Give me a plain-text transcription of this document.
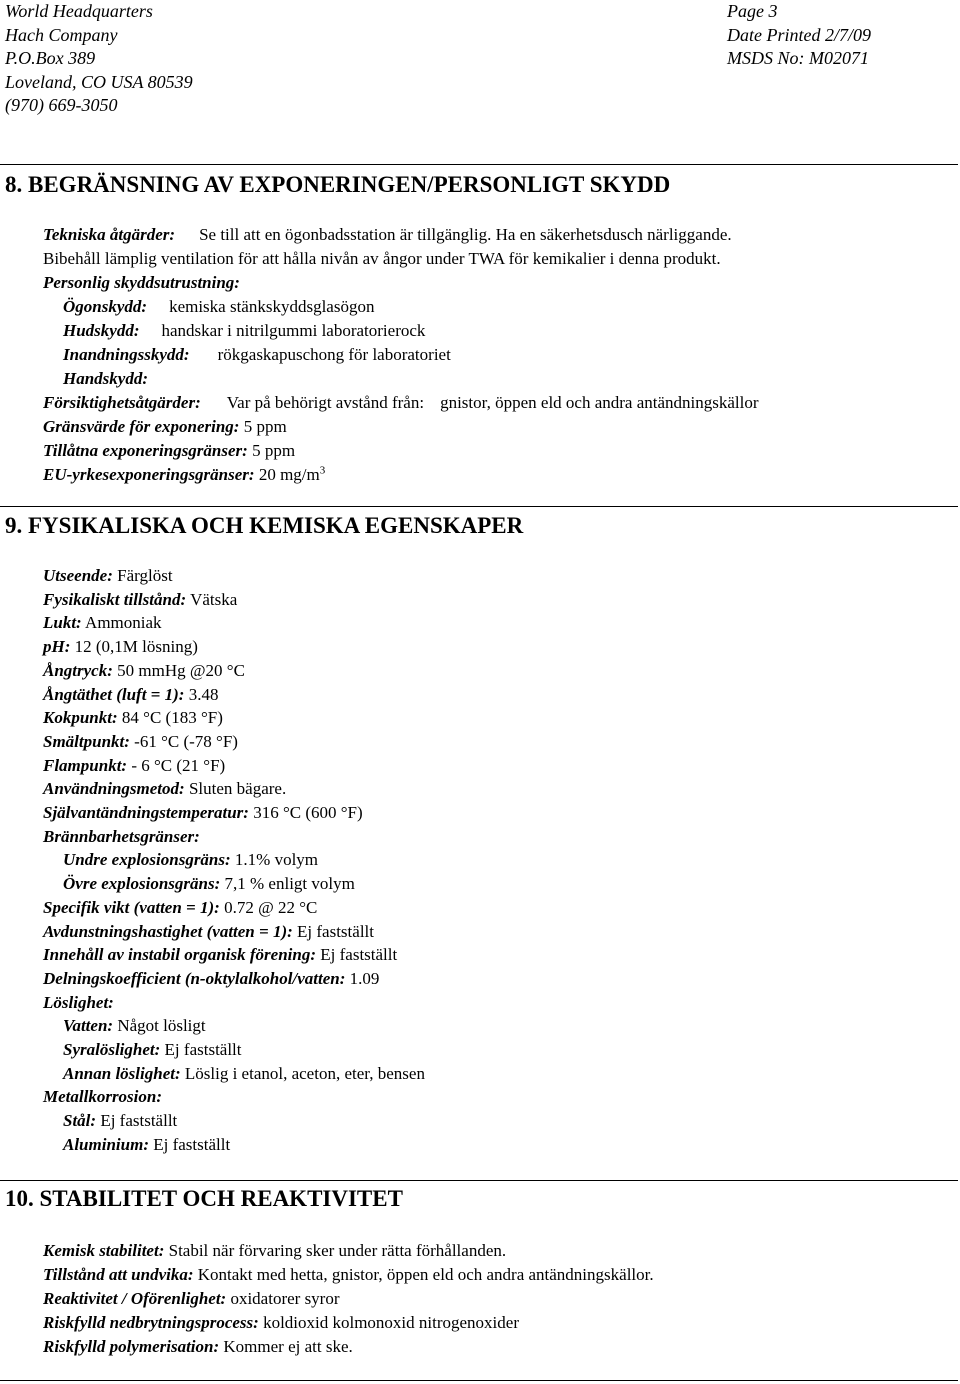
World Headquarters
Hach Company
P.O.Box 389
Loveland, CO USA 80539
(970) 669-3050
Page 3
Date Printed 2/7/09
MSDS No: M02071
8. BEGRÄNSNING AV EXPONERINGEN/PERSONLIGT SKYDD
Tekniska åtgärder: Se till att en ögonbadsstation är tillgänglig. Ha en säkerhetsdusch närliggande.
Bibehåll lämplig ventilation för att hålla nivån av ångor under TWA för kemikalier i denna produkt.
Personlig skyddsutrustning:
Ögonskydd: kemiska stänkskyddsglasögon
Hudskydd: handskar i nitrilgummi laboratorierock
Inandningsskydd: rökgaskapuschong för laboratoriet
Handskydd:
Försiktighetsåtgärder: Var på behörigt avstånd från: gnistor, öppen eld och andra antändningskällor
Gränsvärde för exponering: 5 ppm
Tillåtna exponeringsgränser: 5 ppm
EU-yrkesexponeringsgränser: 20 $mg/m^3$
9. FYSIKALISKA OCH KEMISKA EGENSKAPER
Utseende: Färglöst
Fysikaliskt tillstånd: Vätska
Lukt: Ammoniak
pH: 12 (0,1M lösning)
Ångtryck: 50 mmHg @20 °C
Ångtäthet (luft = 1): 3.48
Kokpunkt: 84 °C (183 °F)
Smältpunkt: -61 °C (-78 °F)
Flampunkt: - 6 °C (21 °F)
Användningsmetod: Sluten bägare.
Självantändningstemperatur: 316 °C (600 °F)
Brännbarhetsgränser:
Undre explosionsgräns: 1.1% volym
Övre explosionsgräns: 7,1 % enligt volym
Specifik vikt (vatten = 1): 0.72 @ 22 °C
Avdunstningshastighet (vatten = 1): Ej fastställt
Innehåll av instabil organisk förening: Ej fastställt
Delningskoefficient (n-oktylalkohol/vatten: 1.09
Löslighet:
Vatten: Något lösligt
Syralöslighet: Ej fastställt
Annan löslighet: Löslig i etanol, aceton, eter, bensen
Metallkorrosion:
Stål: Ej fastställt
Aluminium: Ej fastställt
10. STABILITET OCH REAKTIVITET
Kemisk stabilitet: Stabil när förvaring sker under rätta förhållanden.
Tillstånd att undvika: Kontakt med hetta, gnistor, öppen eld och andra antändningskällor.
Reaktivitet / Oförenlighet: oxidatorer syror
Riskfylld nedbrytningsprocess: koldioxid kolmonoxid nitrogenoxider
Riskfylld polymerisation: Kommer ej att ske.
